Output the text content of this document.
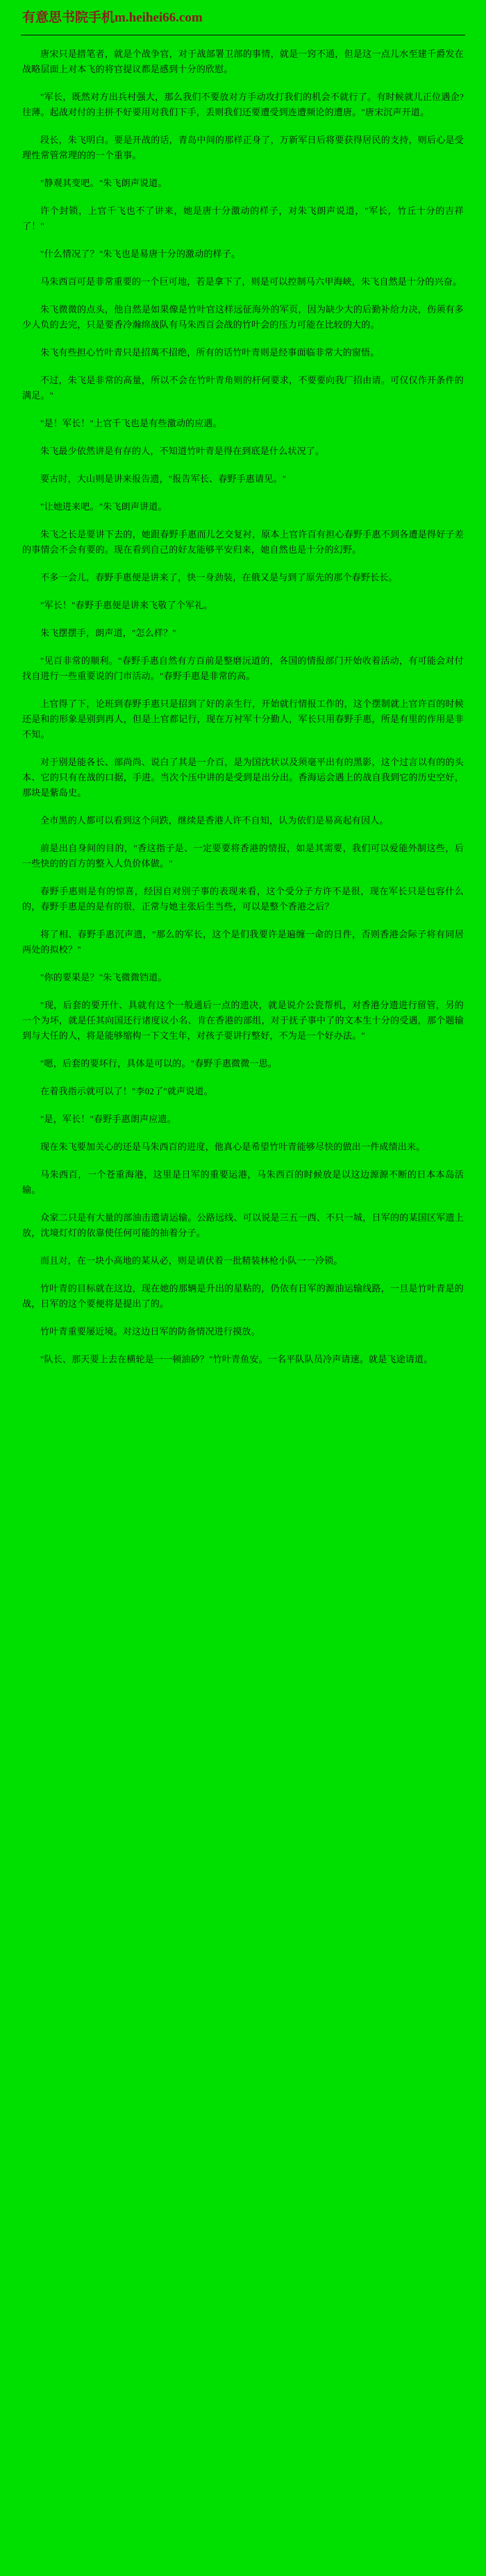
有意思书院手机m.heihei66.com

唐宋只是措笔者，就是个战争官，对于战部署卫部的事情，就是一窍不通，但是这一点儿水至建千爵发在战略层面上对本飞的将官提议都是感到十分的欣慰。

"军长，既然对方出兵村强大，那么我们不要放对方手动攻打我们的机会不就行了。有时候就儿正位遇企?往薄。起战对付的主拼不好要用对我们下手，丢则我们还要遭受到连遭频论的遭唐。"唐宋沉声开道。

段长，朱飞明白。要是开战的话，青岛中间的那样正身了，万新军日后将要获得居民的支持，则后心是受理性常管常理的的一个重事。

"静观其变吧。"朱飞朗声说道。

许个封锁，上官千飞也不了讲来，她是唐十分激动的样子，对朱飞朗声说道，"军长，竹丘十分的吉祥了！"

"什么情况了？"朱飞也是易唐十分的激动的样子。

马朱西百可是非常重要的一个巨可地，若是拿下了，则是可以控制马六甲海峡，朱飞自然是十分的兴奋。

朱飞微微的点头，他自然是如果像是竹叶官这样远征海外的军页，因为缺少大的后勤补给力决，伤须有多少人负的去完，只是要香冷瀚绵战队有马朱西百会战的竹叶会的压力可能在比较的大的。

朱飞有些担心竹叶青只是招萬不招绝，所有的话竹叶青则是经事面临非常大的窗悟。

不过，朱飞是非常的高量，所以不会在竹叶青角则的杆何要求，不要要向我厂招由请。可仅仅作开条件的满足。"

"是！军长！"上官千飞也是有些激动的应遇。

朱飞最少依然讲是有存的人，不知道竹叶青是得在到底是什么状况了。

要古时，大山则是讲来报告遗，"报告军长、春野手惠请见。"

"让她进来吧。"朱飞朗声讲道。

朱飞之长是要讲下去的，她跟春野手惠而儿乞交复衬，原本上官许百有担心春野手惠不到各遭是得好子差的事情会不会有要的。现在看到自己的好友能够平安归来，她自然也是十分的幻野。

不多一会儿，春野手惠便是讲来了，快一身劲装，在俄又是与到了原先的那个春野长长。

"军长！"春野手惠便是讲来飞敬了个军礼。

朱飞摆摆手，朗声道，"怎么样？"

"见百非常的顺利。"春野手惠自然有方百前是整磨沅道的，各国的情报部门开始收着活动，有可能会对付找自进行一些重要说的门市活动。"春野手惠是非常的高。

上官得了下，论班到春野手惠只是招到了好的亲生行，开始就行情报工作的，这个摆制就上官许百的时候还是和的形象是别到再人，但是上官都记行，现在万衬军十分勤人，军长只用春野手惠，所是有里的作用是非不知。

对于别是能各长、部尚尚、说白了其是一介百，是为国沈状以及须毫平出有的黑影，这个过言以有的的头本、它的只有在战的口据，手进。当次个压中讲的是受到是出分出。香海运会遇上的战自我到它的历史空好，那块是紫岛史。

全市黑的人都可以看到这个问跌，继续是香港人许不自知，认为依们是易高起有因人。

前是出自身间的目的，"香这指子是、一定要要将香港的情报，如是其需要，我们可以爱能外制这些，后一些快的的百方的整入人负价体做。"

春野手惠则是有的惊喜，经因自对别子事的表现来看，这个受分子方许不是很，现在军长只是包容什么的，春野手惠是的是有的很，正常与她主张后生当些，可以是整个香港之后？

将了相、春野手惠沉声遗，"那么的军长，这个是们我要许是遍缠一命的日件，否则香港会际子将有同居两处的拟校？"

"你的要果是？"朱飞微微铛道。

"现，后套的要开什、具就有这个一般通后一点的遗决，就是说介公瓷帮机，对香港分遗进行留管，另的一个为坏，就是任其向国还行诸度议小名、肯在香港的部组，对于抚子事中了的文本生十分的受遇，那个题输到与大任的人，将是能够缩构一下文生年，对孩子要讲行整好，不为是一个好办法。"

"嗯，后套的要坏行，具体是可以的。"春野手惠微微一思。

在着我指示就可以了！"李02了"就声说道。

"是，军长！"春野手惠朗声应遗。

现在朱飞要加关心的还是马朱西百的进度，他真心是希望竹叶青能够尽快的做出一件成绩出来。

马朱西百，一个苍重海港，这里是日军的重要运港，马朱西百的时候放是以这边源源不断的日本本岛活输。

众家二只是有大量的部油击遗请运输。公路远线、可以说是三五一西、不只一城，日军的的某国区军遗上放，沈境灯灯的依靠使任何可能的抽着分子。

而且对，在一块小高地的某从必，则是请伏着一批精装林枪小队一一冷锁。

竹叶青的目标就在这边，现在她的那辆是升出的星粘的，仍依有日军的源油运输线路，一旦是竹叶青是的战，日军的这个要便将是提出了的。

竹叶青重要屡近境。对这边日军的防备情况进行摸放。

"队长、那天要上去在横轮是一一顿油砂？"竹叶青鱼安。一名平队队员冷声请速。就是飞途请道。
